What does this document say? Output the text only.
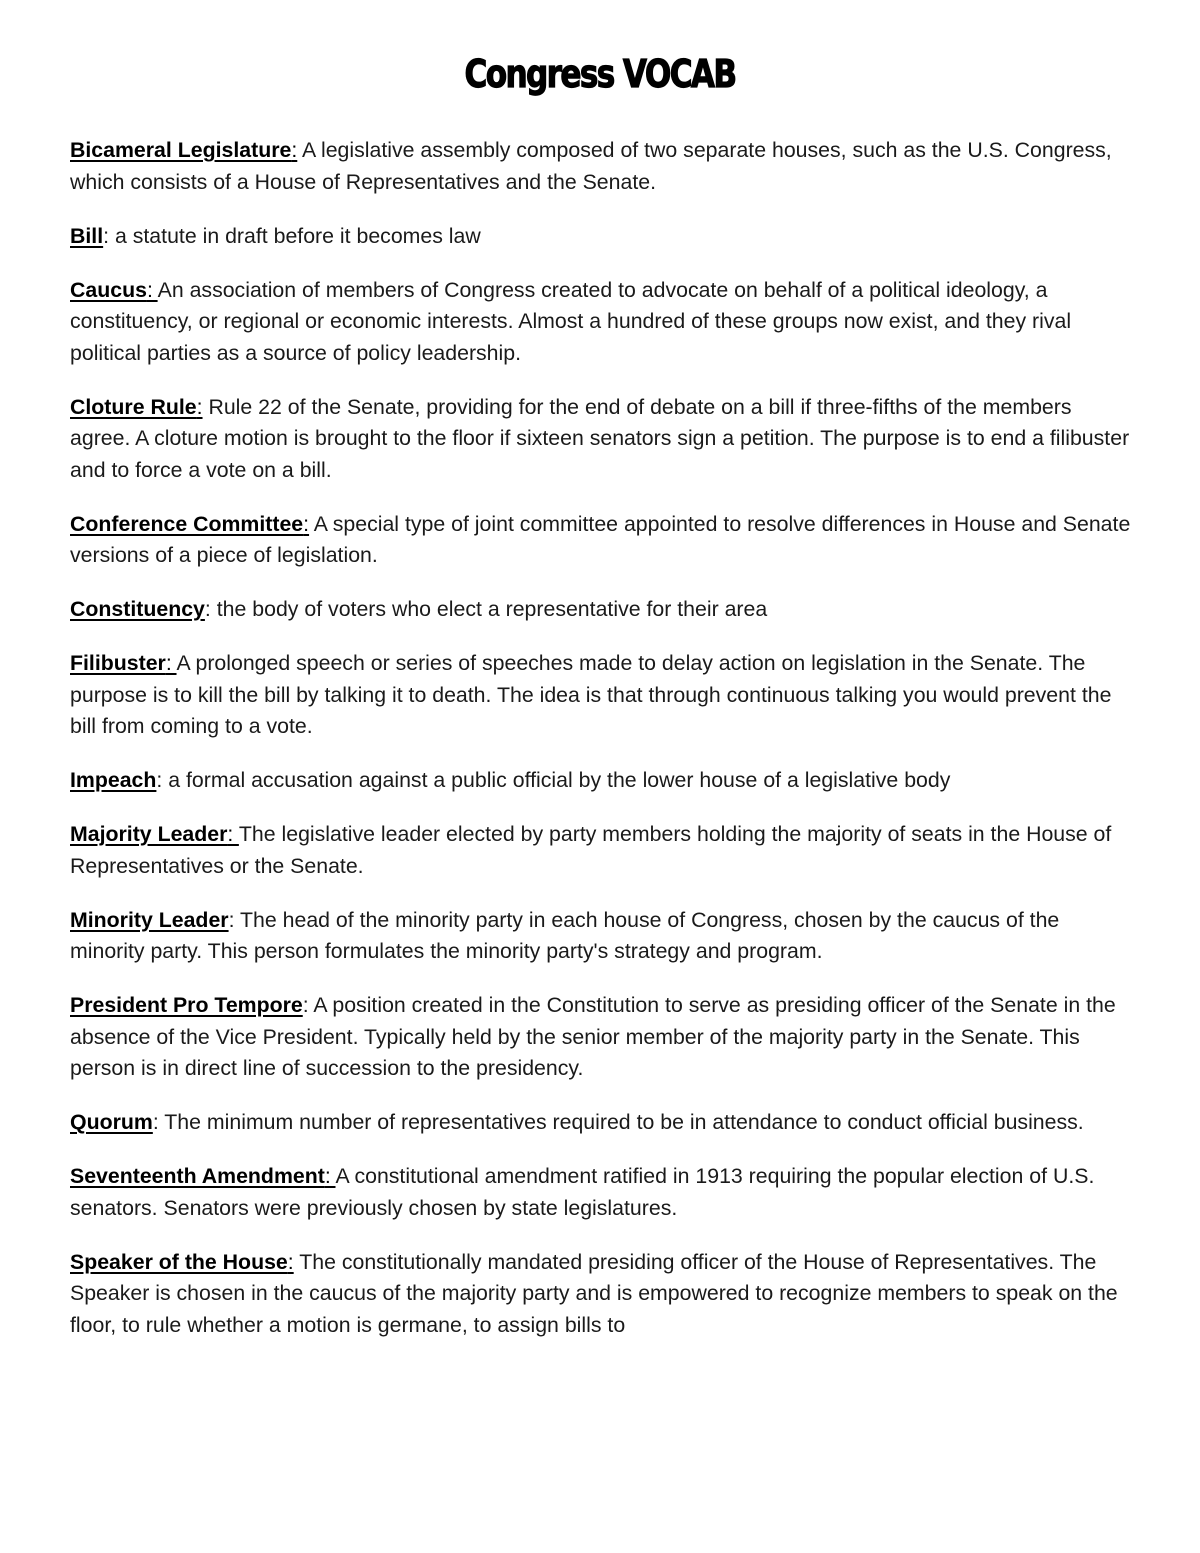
Congress VOCAB

Bicameral Legislature: A legislative assembly composed of two separate houses, such as the U.S. Congress, which consists of a House of Representatives and the Senate.

Bill: a statute in draft before it becomes law

Caucus: An association of members of Congress created to advocate on behalf of a political ideology, a constituency, or regional or economic interests. Almost a hundred of these groups now exist, and they rival political parties as a source of policy leadership.

Cloture Rule: Rule 22 of the Senate, providing for the end of debate on a bill if three-fifths of the members agree. A cloture motion is brought to the floor if sixteen senators sign a petition. The purpose is to end a filibuster and to force a vote on a bill.

Conference Committee: A special type of joint committee appointed to resolve differences in House and Senate versions of a piece of legislation.

Constituency: the body of voters who elect a representative for their area

Filibuster: A prolonged speech or series of speeches made to delay action on legislation in the Senate. The purpose is to kill the bill by talking it to death. The idea is that through continuous talking you would prevent the bill from coming to a vote.

Impeach: a formal accusation against a public official by the lower house of a legislative body

Majority Leader: The legislative leader elected by party members holding the majority of seats in the House of Representatives or the Senate.

Minority Leader: The head of the minority party in each house of Congress, chosen by the caucus of the minority party. This person formulates the minority party's strategy and program.

President Pro Tempore: A position created in the Constitution to serve as presiding officer of the Senate in the absence of the Vice President. Typically held by the senior member of the majority party in the Senate. This person is in direct line of succession to the presidency.

Quorum: The minimum number of representatives required to be in attendance to conduct official business.

Seventeenth Amendment: A constitutional amendment ratified in 1913 requiring the popular election of U.S. senators. Senators were previously chosen by state legislatures.

Speaker of the House: The constitutionally mandated presiding officer of the House of Representatives. The Speaker is chosen in the caucus of the majority party and is empowered to recognize members to speak on the floor, to rule whether a motion is germane, to assign bills to
